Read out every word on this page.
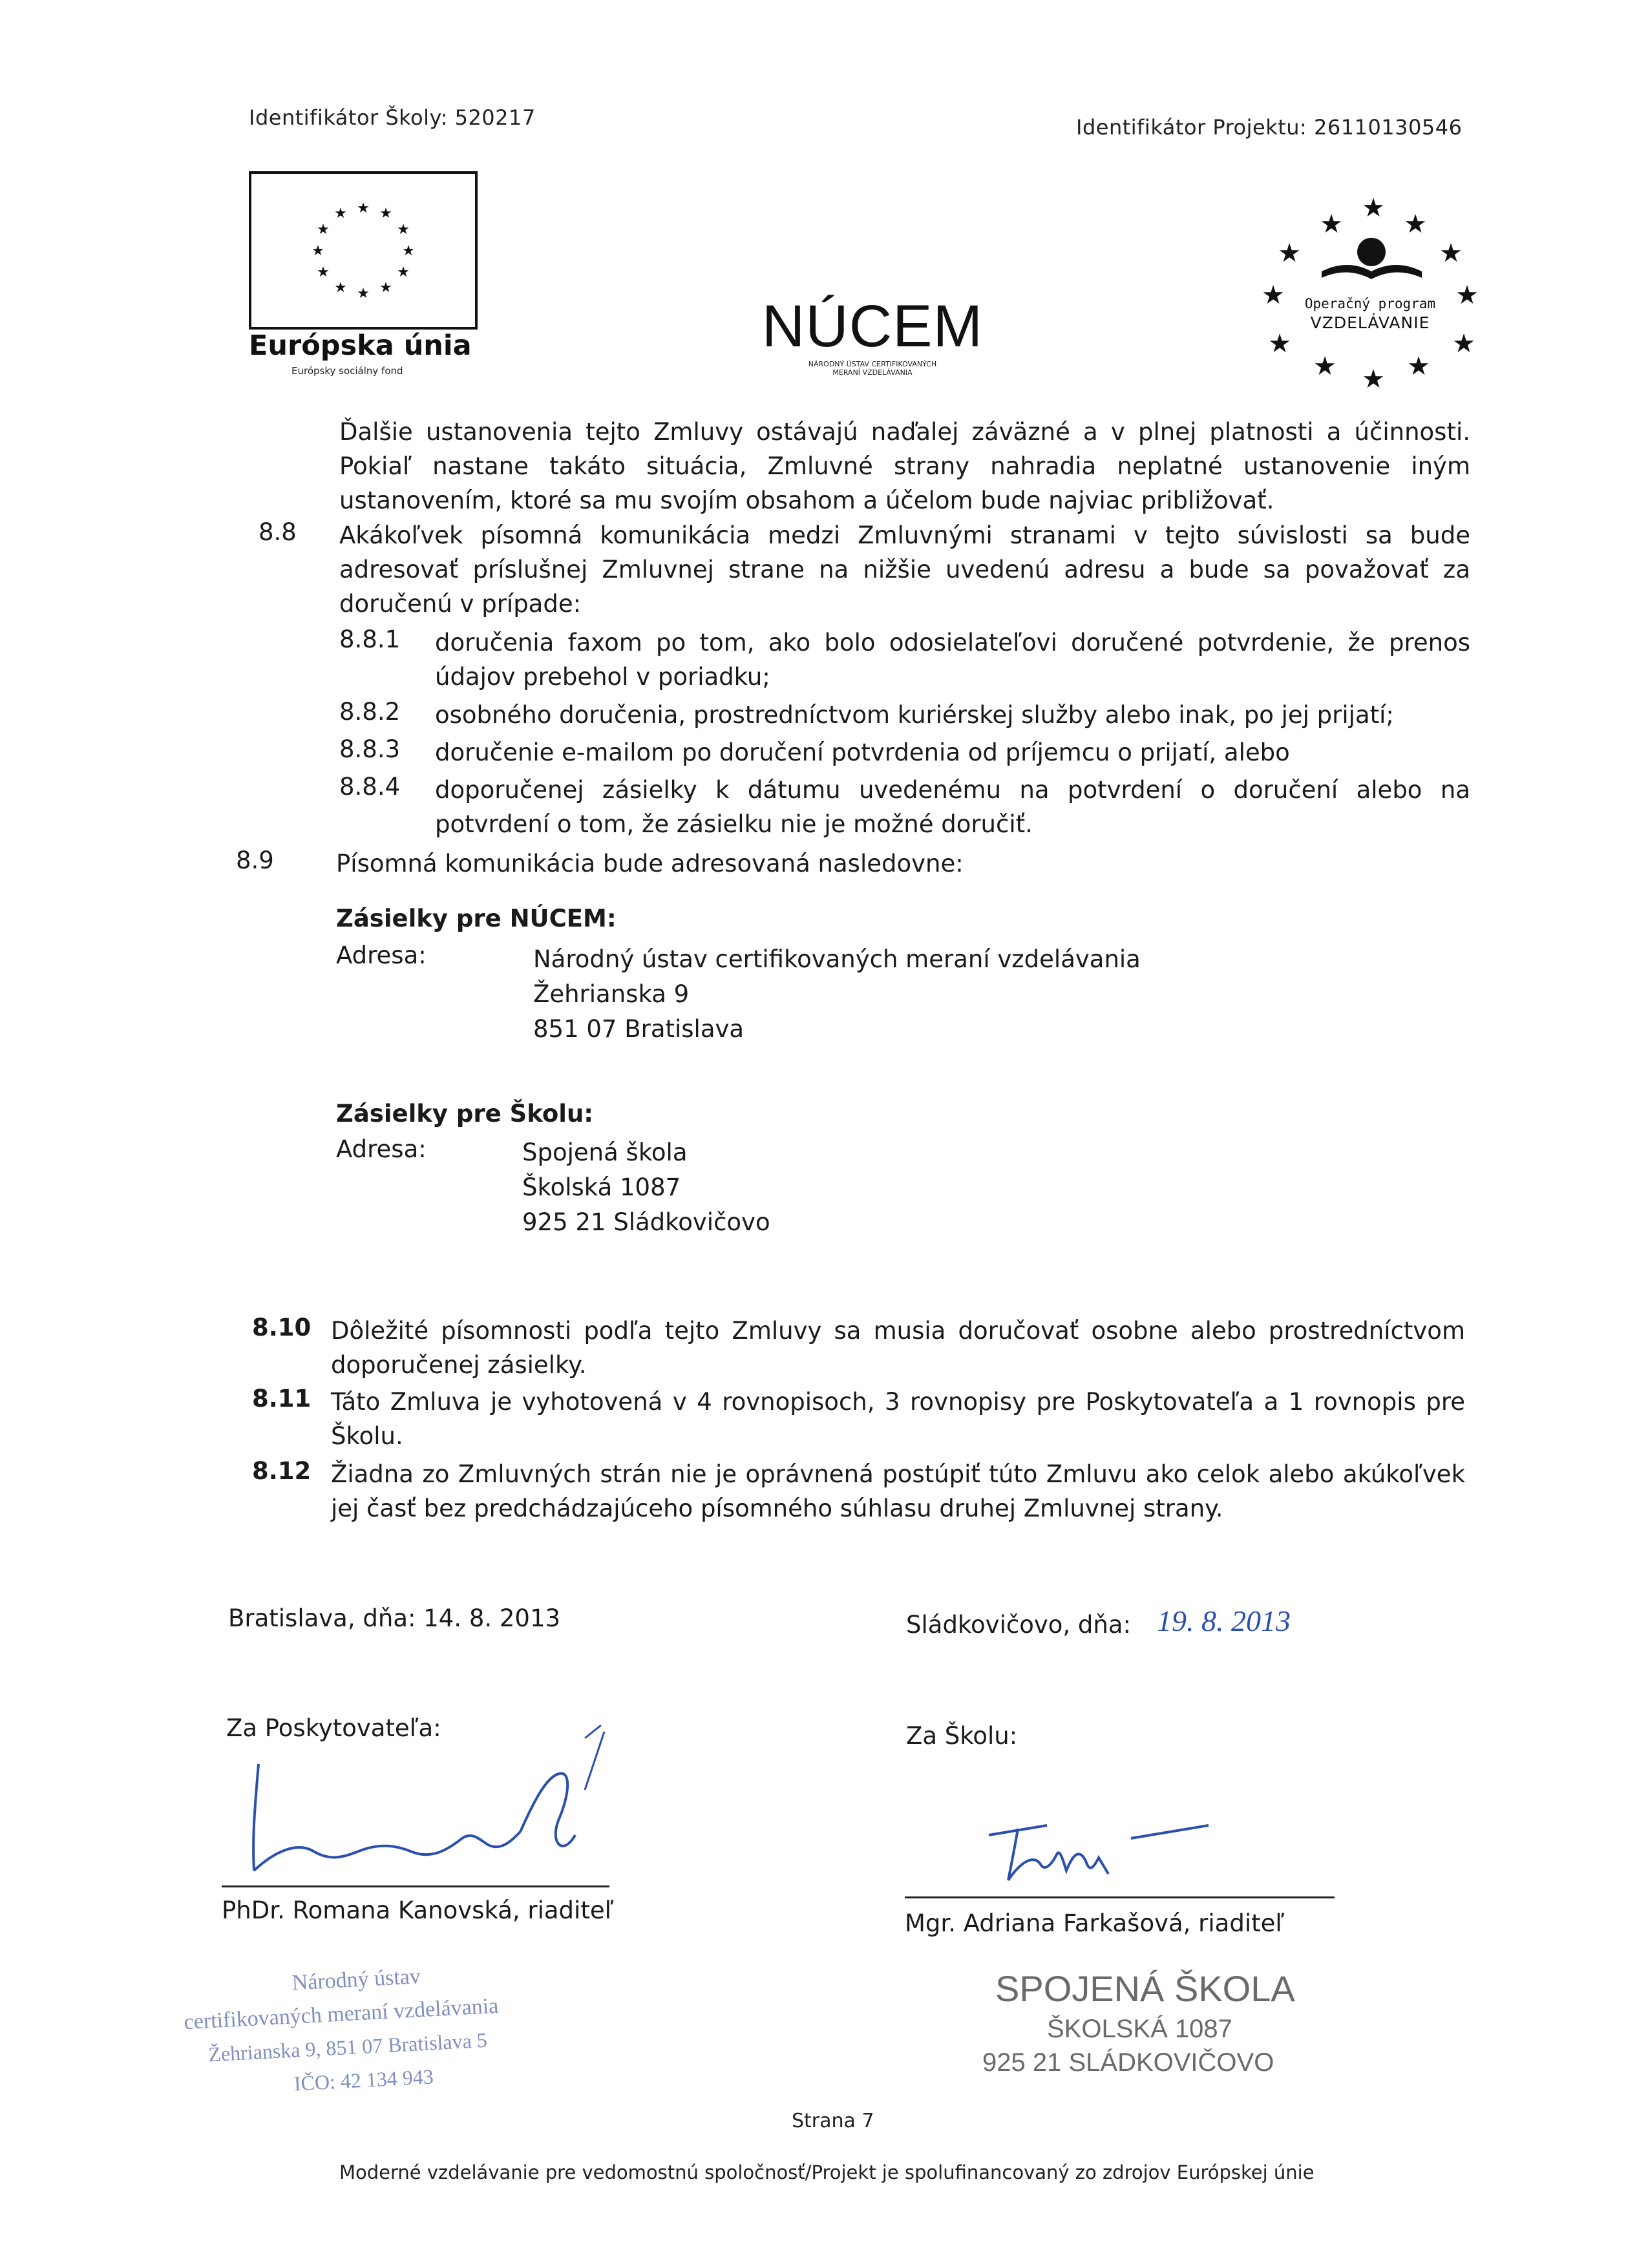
Identifikátor Školy: 520217	Identifikátor Projektu: 26110130546
★ ★
★
★
★
★
★
★
★
★
★
★
Európska únia
Európsky sociálny fond
NÚCEM
NÁRODNÝ ÚSTAV CERTIFIKOVANÝCH
MERANÍ VZDELÁVANIA
★
★
★
★	★
★	★
★	★
★ ★ ★
Operačný program
VZDELÁVANIE
Ďalšie ustanovenia tejto Zmluvy ostávajú naďalej záväzné a v plnej platnosti a účinnosti.
Pokiaľ nastane takáto situácia, Zmluvné strany nahradia neplatné ustanovenie iným
ustanovením, ktoré sa mu svojím obsahom a účelom bude najviac približovať.
8.8 Akákoľvek písomná komunikácia medzi Zmluvnými stranami v tejto súvislosti sa bude
adresovať príslušnej Zmluvnej strane na nižšie uvedenú adresu a bude sa považovať za
doručenú v prípade:
8.8.1 doručenia faxom po tom, ako bolo odosielateľovi doručené potvrdenie, že prenos
údajov prebehol v poriadku;
8.8.2 osobného doručenia, prostredníctvom kuriérskej služby alebo inak, po jej prijatí;
8.8.3 doručenie e-mailom po doručení potvrdenia od príjemcu o prijatí, alebo
8.8.4 doporučenej zásielky k dátumu uvedenému na potvrdení o doručení alebo na
potvrdení o tom, že zásielku nie je možné doručiť.
8.9	Písomná komunikácia bude adresovaná nasledovne:
Zásielky pre NÚCEM:
Adresa:	Národný ústav certifikovaných meraní vzdelávania
Žehrianska 9
851 07 Bratislava
Zásielky pre Školu:
Adresa:	Spojená škola
Školská 1087
925 21 Sládkovičovo
8.10 Dôležité písomnosti podľa tejto Zmluvy sa musia doručovať osobne alebo prostredníctvom
doporučenej zásielky.
8.11 Táto Zmluva je vyhotovená v 4 rovnopisoch, 3 rovnopisy pre Poskytovateľa a 1 rovnopis pre
Školu.
8.12 Žiadna zo Zmluvných strán nie je oprávnená postúpiť túto Zmluvu ako celok alebo akúkoľvek
jej časť bez predchádzajúceho písomného súhlasu druhej Zmluvnej strany.
Bratislava, dňa: 14. 8. 2013	Sládkovičovo, dňa: 19. 8. 2013
Za Poskytovateľa:	Za Školu:
PhDr. Romana Kanovská, riaditeľ	Mgr. Adriana Farkašová, riaditeľ
Národný ústav
certifikovaných meraní vzdelávania
Žehrianska 9, 851 07 Bratislava 5
IČO: 42 134 943
SPOJENÁ ŠKOLA
ŠKOLSKÁ 1087
925 21 SLÁDKOVIČOVO
Strana 7
Moderné vzdelávanie pre vedomostnú spoločnosť/Projekt je spolufinancovaný zo zdrojov Európskej únie
